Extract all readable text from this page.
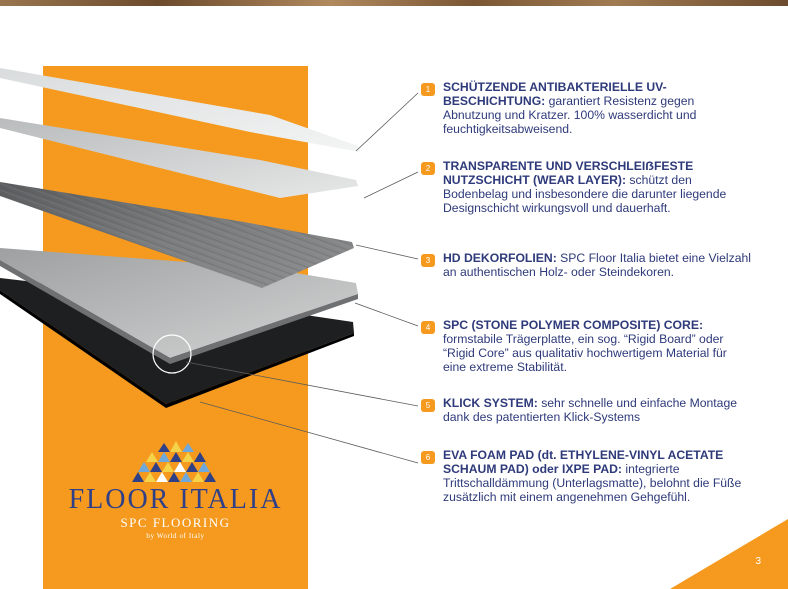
FLOOR ITALIA
SPC FLOORING
by World of Italy
1	SCHÜTZENDE ANTIBAKTERIELLE UV-BESCHICHTUNG: garantiert Resistenz gegen Abnutzung und Kratzer. 100% wasserdicht und feuchtigkeitsabweisend.
2	TRANSPARENTE UND VERSCHLEIẞFESTE NUTZSCHICHT (WEAR LAYER): schützt den Bodenbelag und insbesondere die darunter liegende Designschicht wirkungsvoll und dauerhaft.
3	HD DEKORFOLIEN: SPC Floor Italia bietet eine Vielzahl an authentischen Holz- oder Steindekoren.
4	SPC (STONE POLYMER COMPOSITE) CORE: formstabile Trägerplatte, ein sog. “Rigid Board” oder “Rigid Core” aus qualitativ hochwertigem Material für eine extreme Stabilität.
5	KLICK SYSTEM: sehr schnelle und einfache Montage dank des patentierten Klick-Systems
6	EVA FOAM PAD (dt. ETHYLENE-VINYL ACETATE SCHAUM PAD) oder IXPE PAD: integrierte Trittschalldämmung (Unterlagsmatte), belohnt die Füße zusätzlich mit einem angenehmen Gehgefühl.
3
